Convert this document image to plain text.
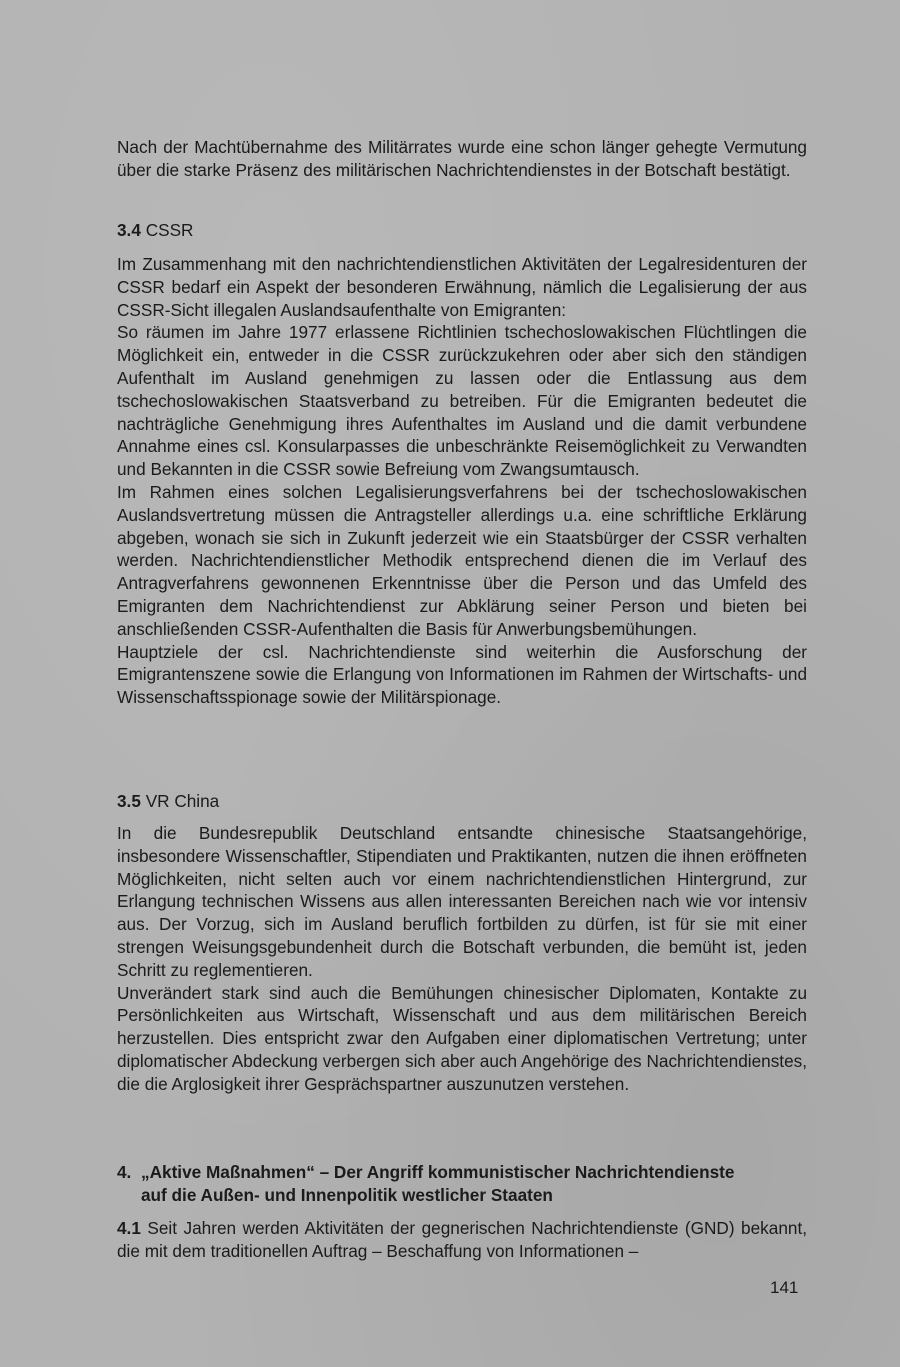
Nach der Machtübernahme des Militärrates wurde eine schon länger gehegte Vermutung über die starke Präsenz des militärischen Nachrichtendienstes in der Botschaft bestätigt.

3.4 CSSR

Im Zusammenhang mit den nachrichtendienstlichen Aktivitäten der Legalresidenturen der CSSR bedarf ein Aspekt der besonderen Erwähnung, nämlich die Legalisierung der aus CSSR-Sicht illegalen Auslandsaufenthalte von Emigranten:

So räumen im Jahre 1977 erlassene Richtlinien tschechoslowakischen Flüchtlingen die Möglichkeit ein, entweder in die CSSR zurückzukehren oder aber sich den ständigen Aufenthalt im Ausland genehmigen zu lassen oder die Entlassung aus dem tschechoslowakischen Staatsverband zu betreiben. Für die Emigranten bedeutet die nachträgliche Genehmigung ihres Aufenthaltes im Ausland und die damit verbundene Annahme eines csl. Konsularpasses die unbeschränkte Reisemöglichkeit zu Verwandten und Bekannten in die CSSR sowie Befreiung vom Zwangsumtausch.

Im Rahmen eines solchen Legalisierungsverfahrens bei der tschechoslowakischen Auslandsvertretung müssen die Antragsteller allerdings u.a. eine schriftliche Erklärung abgeben, wonach sie sich in Zukunft jederzeit wie ein Staatsbürger der CSSR verhalten werden. Nachrichtendienstlicher Methodik entsprechend dienen die im Verlauf des Antragverfahrens gewonnenen Erkenntnisse über die Person und das Umfeld des Emigranten dem Nachrichtendienst zur Abklärung seiner Person und bieten bei anschließenden CSSR-Aufenthalten die Basis für Anwerbungsbemühungen.

Hauptziele der csl. Nachrichtendienste sind weiterhin die Ausforschung der Emigrantenszene sowie die Erlangung von Informationen im Rahmen der Wirtschafts- und Wissenschaftsspionage sowie der Militärspionage.

3.5 VR China

In die Bundesrepublik Deutschland entsandte chinesische Staatsangehörige, insbesondere Wissenschaftler, Stipendiaten und Praktikanten, nutzen die ihnen eröffneten Möglichkeiten, nicht selten auch vor einem nachrichtendienstlichen Hintergrund, zur Erlangung technischen Wissens aus allen interessanten Bereichen nach wie vor intensiv aus. Der Vorzug, sich im Ausland beruflich fortbilden zu dürfen, ist für sie mit einer strengen Weisungsgebundenheit durch die Botschaft verbunden, die bemüht ist, jeden Schritt zu reglementieren.

Unverändert stark sind auch die Bemühungen chinesischer Diplomaten, Kontakte zu Persönlichkeiten aus Wirtschaft, Wissenschaft und aus dem militärischen Bereich herzustellen. Dies entspricht zwar den Aufgaben einer diplomatischen Vertretung; unter diplomatischer Abdeckung verbergen sich aber auch Angehörige des Nachrichtendienstes, die die Arglosigkeit ihrer Gesprächspartner auszunutzen verstehen.

4. „Aktive Maßnahmen“ – Der Angriff kommunistischer Nachrichtendienste
auf die Außen- und Innenpolitik westlicher Staaten

4.1 Seit Jahren werden Aktivitäten der gegnerischen Nachrichtendienste (GND) bekannt, die mit dem traditionellen Auftrag – Beschaffung von Informationen –

141
